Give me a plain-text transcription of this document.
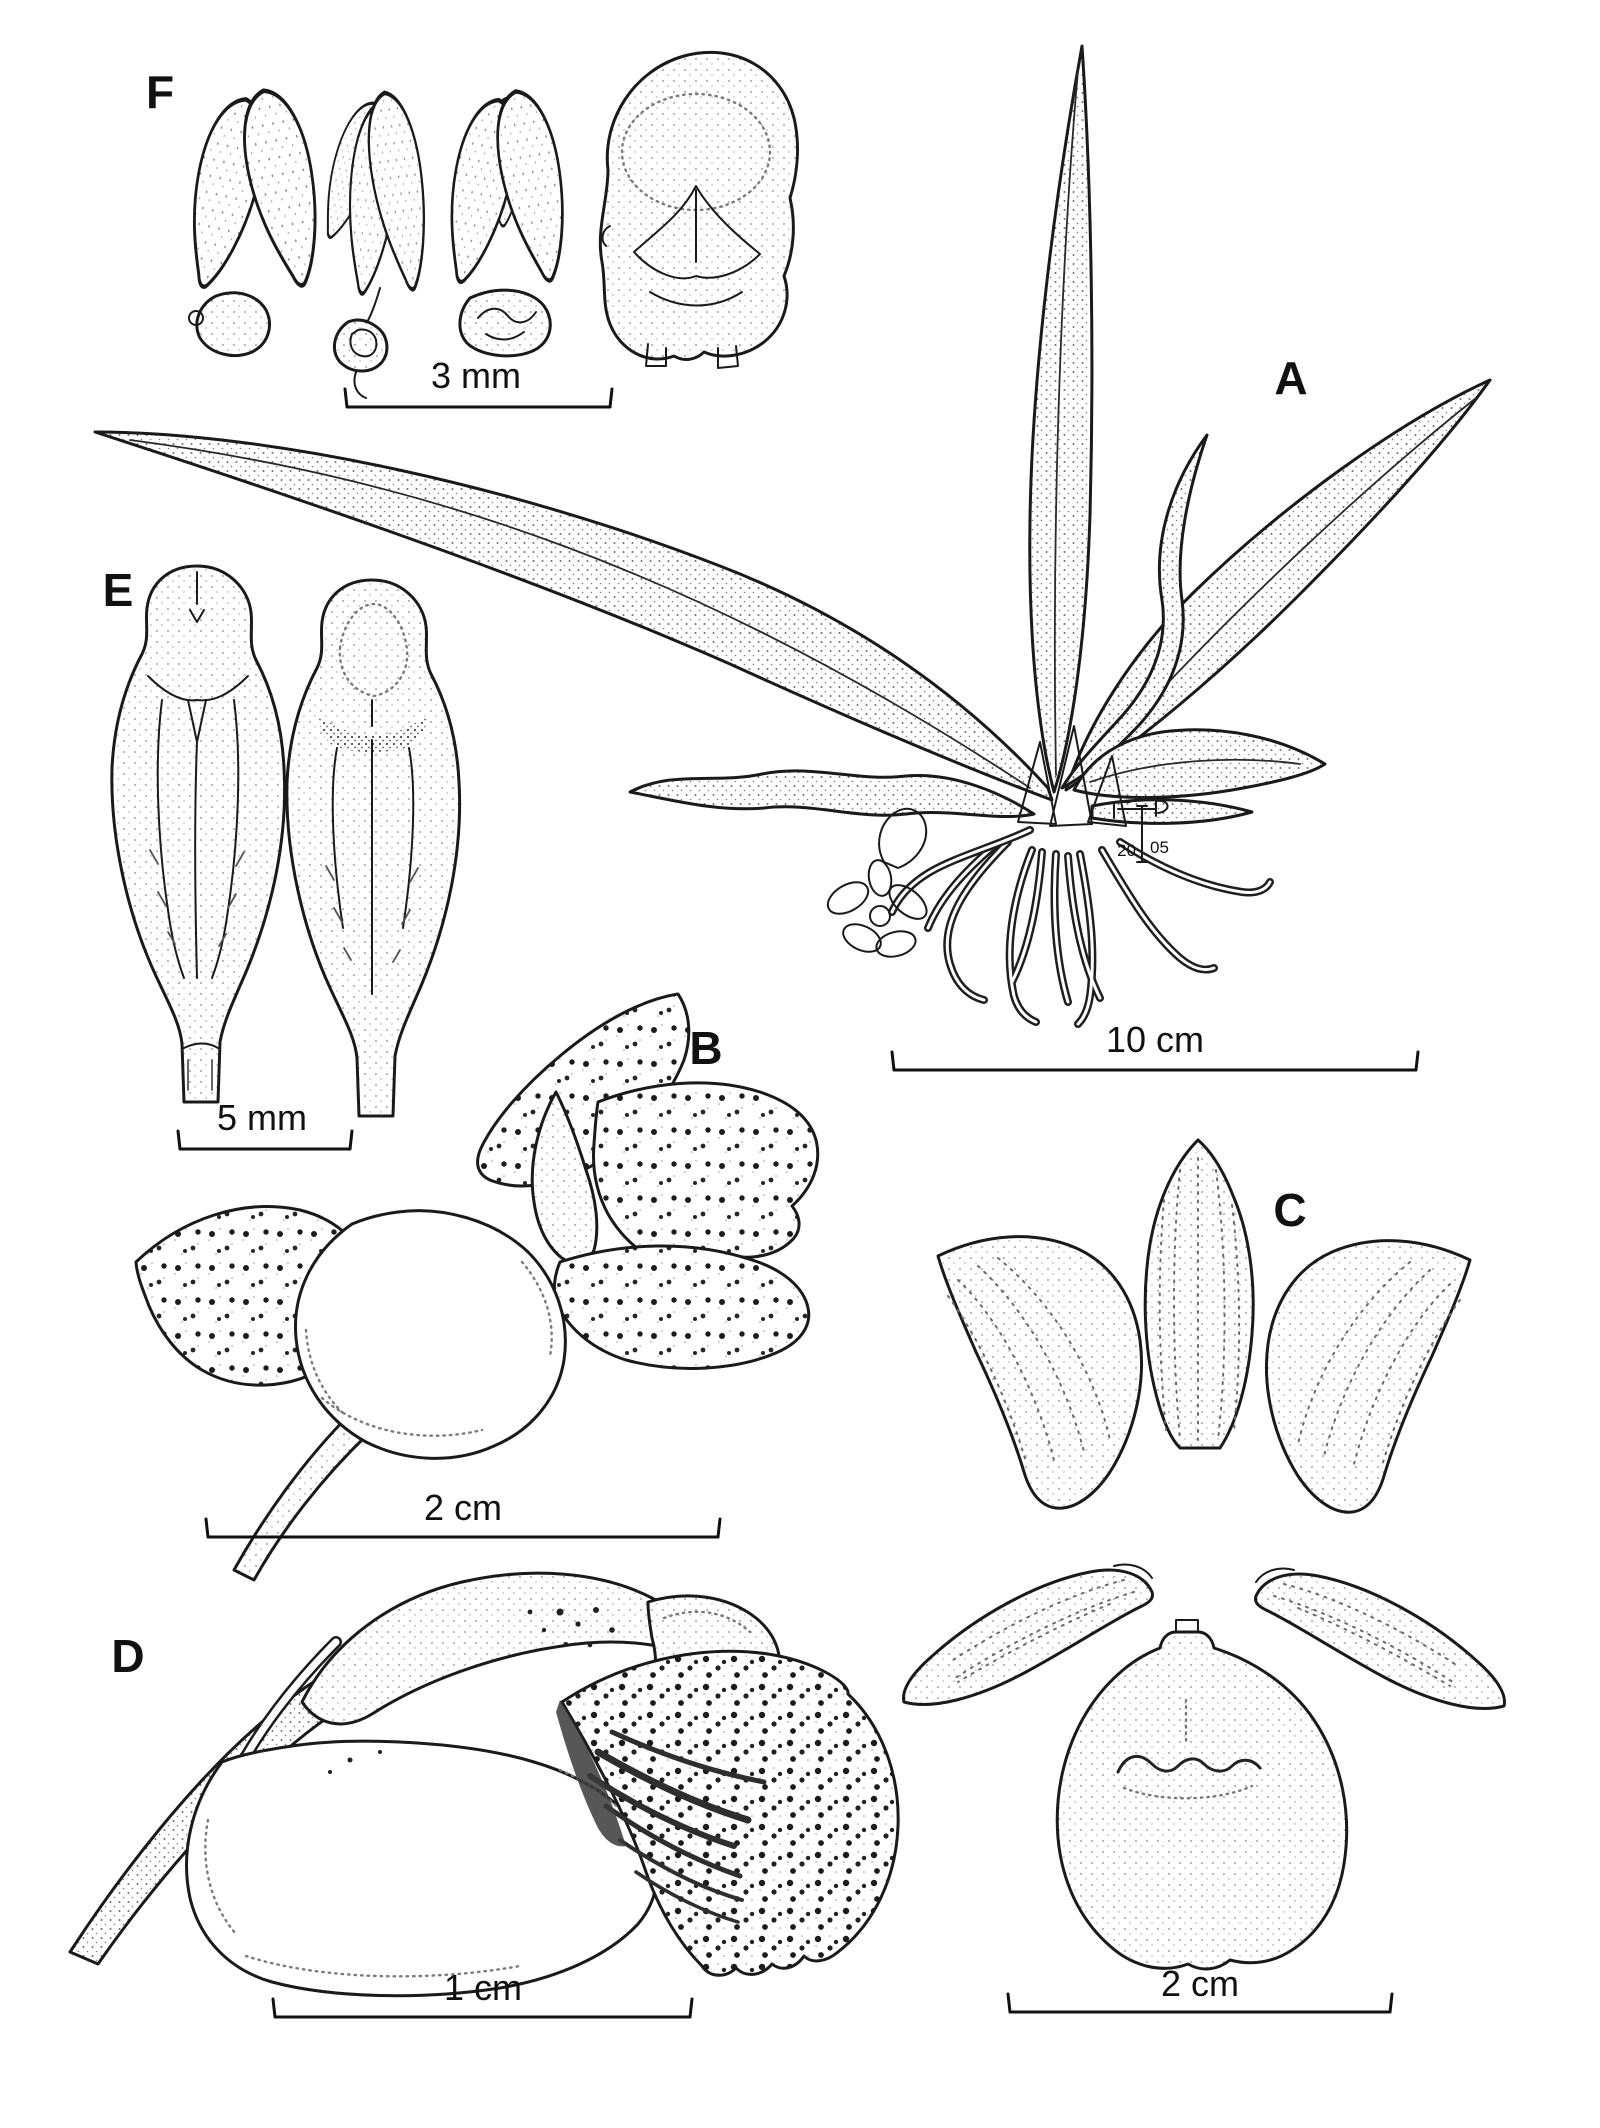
F
3 mm	A
20 05
10 cm
E
5 mm
B
2 cm
C
2 cm
D
1 cm
